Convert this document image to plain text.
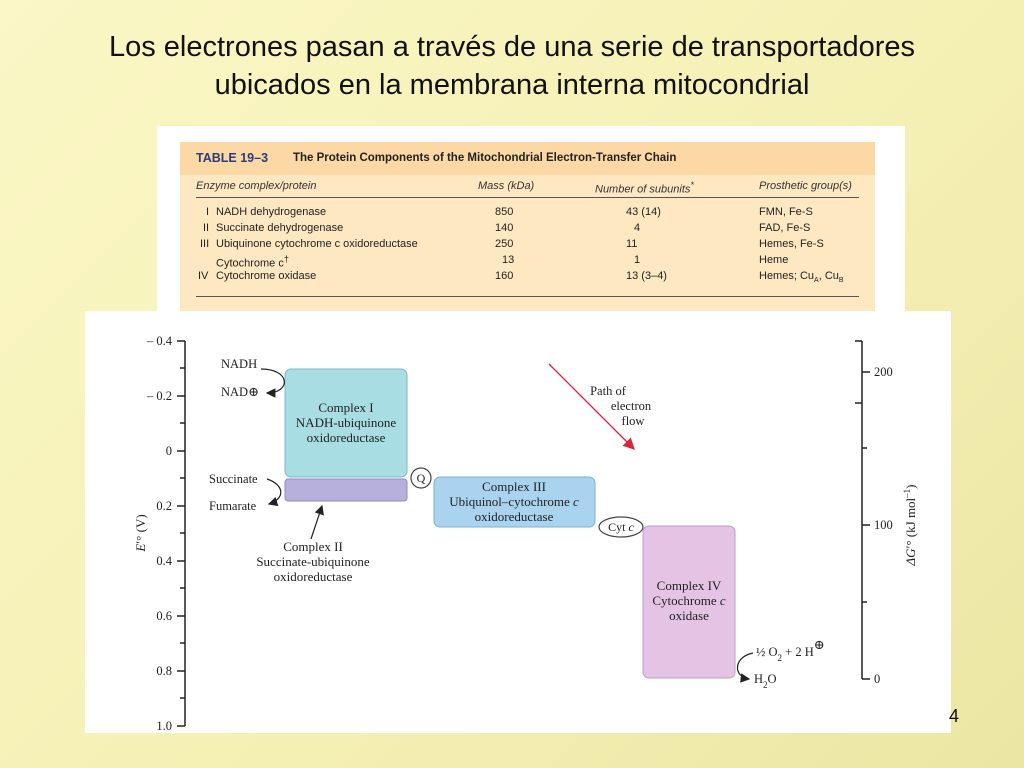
Los electrones pasan a través de una serie de transportadores
ubicados en la membrana interna mitocondrial
TABLE 19–3 The Protein Components of the Mitochondrial Electron-Transfer Chain
Enzyme complex/protein	Mass (kDa)	Number of subunits*	Prosthetic group(s)
I NADH dehydrogenase	850	43 (14)	FMN, Fe-S
II Succinate dehydrogenase	140	4	FAD, Fe-S
III Ubiquinone cytochrome c oxidoreductase	250	11	Hemes, Fe-S
Cytochrome c†	13	1	Heme
IV Cytochrome oxidase	160	13 (3–4)	Hemes; $Cu_A$, $Cu_B$
– 0.4
– 0.2
0
0.2
0.4
0.6
0.8
1.0
E′° (V)
200
100
0
ΔG′° (kJ mol$^{-1}$)
Complex I
NADH-ubiquinone
oxidoreductase
NADH
NAD⊕
Succinate
Fumarate
Complex II
Succinate-ubiquinone
oxidoreductase
Q
Complex III
Ubiquinol–cytochrome c
oxidoreductase
Cyt c
Path of
electron
flow
Complex IV
Cytochrome c
oxidase
½ $O_2 + 2$ H⊕
$H_2O$
4
